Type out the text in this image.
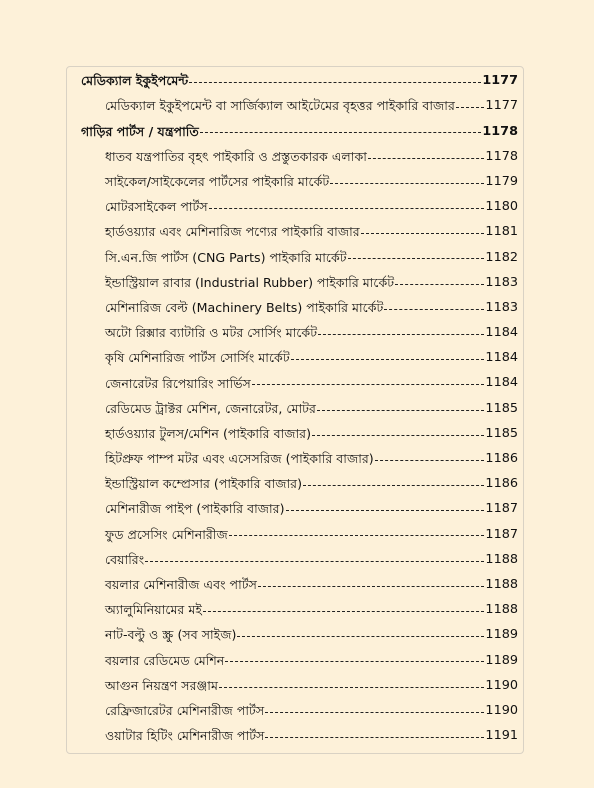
মেডিক্যাল ইকুইপমেন্ট	1177
মেডিক্যাল ইকুইপমেন্ট বা সার্জিক্যাল আইটেমের বৃহত্তর পাইকারি বাজার 1177
গাড়ির পার্টস / যন্ত্রপাতি	1178
ধাতব যন্ত্রপাতির বৃহৎ পাইকারি ও প্রস্তুতকারক এলাকা	1178
সাইকেল/সাইকেলের পার্টসের পাইকারি মার্কেট	1179
মোটরসাইকেল পার্টস	1180
হার্ডওয়্যার এবং মেশিনারিজ পণ্যের পাইকারি বাজার	1181
সি.এন.জি পার্টস (CNG Parts) পাইকারি মার্কেট	1182
ইন্ডাস্ট্রিয়াল রাবার (Industrial Rubber) পাইকারি মার্কেট	1183
মেশিনারিজ বেল্ট (Machinery Belts) পাইকারি মার্কেট	1183
অটো রিক্সার ব্যাটারি ও মটর সোর্সিং মার্কেট	1184
কৃষি মেশিনারিজ পার্টস সোর্সিং মার্কেট	1184
জেনারেটর রিপেয়ারিং সার্ভিস	1184
রেডিমেড ট্রাক্টর মেশিন, জেনারেটর, মোটর	1185
হার্ডওয়্যার টুলস/মেশিন (পাইকারি বাজার)	1185
হিটপ্রুফ পাম্প মটর এবং এসেসরিজ (পাইকারি বাজার)	1186
ইন্ডাস্ট্রিয়াল কম্প্রেসার (পাইকারি বাজার)	1186
মেশিনারীজ পাইপ (পাইকারি বাজার)	1187
ফুড প্রসেসিং মেশিনারীজ	1187
বেয়ারিং	1188
বয়লার মেশিনারীজ এবং পার্টস	1188
অ্যালুমিনিয়ামের মই	1188
নাট-বল্টু ও স্ক্রু (সব সাইজ)	1189
বয়লার রেডিমেড মেশিন	1189
আগুন নিয়ন্ত্রণ সরঞ্জাম	1190
রেফ্রিজারেটর মেশিনারীজ পার্টস	1190
ওয়াটার হিটিং মেশিনারীজ পার্টস	1191
